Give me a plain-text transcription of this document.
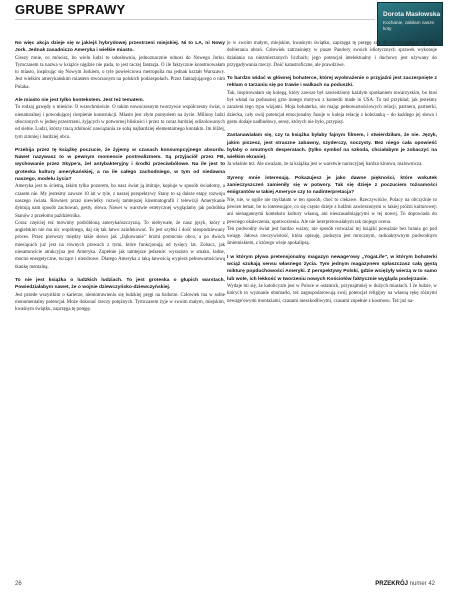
GRUBE SPRAWY	Dorota Masłowska
Kochanie, zabiłam nasze koty

No więc akcja dzieje się w jakiejś hybrydowej przestrzeni miejskiej. Ni to LA, ni Nowy Jork. Jednak zasadniczo Ameryka i wielkie miasto.

Cieszy mnie, co mówisz, bo wielu ludzi to udosłownia, jednoznacznie odnosi do Nowego Jorku. Tymczasem ta nazwa w książce nigdzie nie pada, to jest raczej fantazja. O ile faktycznie konstruowałam to miasto, inspirując się Nowym Jorkiem, o tyle powieściowa metropolia ma jednak kształt Warszawy. Jest wielkim amerykańskim miastem stworzonym na polskich podzespołach. Przez fantazjującego o nim Polaka.

Ale miasto nie jest tylko kontekstem. Jest też tematem.

To rodzaj gawędy o mieście. O wszechmieście. O takim nowoczesnym tworzywie współczesny świat, o nienaturalnej i powodującej cierpienie konstrukcji. Miasto jest złym pomysłem na życie. Miliony ludzi stłoczonych w jednej przestrzeni, żyjących w potwornej bliskości i przez to coraz bardziej odizolowanych od siebie. Ludzi, którzy tracą zdolność nawiązania ze sobą najbardziej elementarnego kontaktu. Im bliżej, tym zimniej i bardziej obco.

Przebija przez tę książkę poczucie, że żyjemy w czasach konsumpcyjnego absurdu. Nawet nazywasz to w pewnym momencie postrealizmem. Są przyjaciół przez FB, wychowanie przez Skype'a, żel antybakteryjny i środki przeciwbólowe. Na ile jest to groteska kultury amerykańskiej, a na ile całego zachodniego, w tym od niedawna naszego, modelu życia?

Ameryka jest tu ściemą, takim tylko pozorem, bo nasz świat ją imituje, kopiuje w sposób świadomy, a czasem nie. My jesteśmy zawsze 10 lat w tyle, z naszej perspektywy Stany to są dalsze etapy rozwoju naszego świata. Również przez niewielky rozwój tamtejszej kinematografii i telewizji Amerykanie dyktują nam sposób zachowań, gesty, słowa. Nawet w warstwie estetycznej wyglądamy jak podróbka Stanów z przełomu października.

Coraz częściej też mówimy podróbioną amerykańszczyzną. To niebywałe, że nasz język, który z angielskim nie ma nic wspólnego, daj się tak łatwo zainfekować. To jest szybki i dość nieopodziewany proces. Przez pierwszy między takie słowo jak „fajkowanie" brzmi pomocnie obco, a po dwóch miesiącach już jest na równych prawach z tymi, które funkcjonują od tysięcy lat. Zobacz, jak niesamowicie atrakcyjna jest Ameryka. Zupełnie jak tamtejsze jedzenie: wyrazisto w smaku, ładne, mocno energetyczne, tuczące i niezdrowe. Dlatego Ameryka z taką łatwością wypiera pełnowartościową tkankę mentalną.

To nie jest książka o ludzkich ludziach. To jest groteska o głupich warstach. Powiedziałabym nawet, że o wojnie dziewczyńsko-dziewczyńskiej.

Jest przede wszystkim o karierze, niemotrawieniu się ludzkiej pręgi na bzdurze. Człowiek ma w sobie monumentalny potencjał. Może dokonać rzeczy potężnych. Tymczasem żyje w swoim małym, miejskim, kwaśnym świątku, zaprzęga tę potęgę.

je w swoim małym, miejskim, kwaśnym świątku, zaprzęga tę potęgę siły do wyszczuplania ud albo dobierania ubrań. Człowiek zatrzaśnięty w pusze Pandory swoich idiotycznych sprawek wykonuje działania na niezmierzonych liczbach; jego potencjał intelektualny i duchowy jest używany do przygadywania rzeczy. Dość katastroficzne, ale prawdziwe.

To bardzo widać w głównej bohaterce, której wyobrażenie o przyjaźni jest zaczerpnięte z reklam o tarzaniu się po trawie i walkach na poduszki.

Tak, inspirowałam się kolegą, który zawsze był zawiedziony każdym spotkaniem towarzyskim, bo ktoś był wkład na podusznej grze innego motywu z komedii made in USA. To też przykład, jak jesteśmy zarażeni tego typu wizjami. Moja bohaterka, nie mając pełnowartościowych relacji, partnera, partnerki, dziecka, cały swój potencjał emocjonalny fasuje w kuleja relację z koleżanką – do każdego jej słowa i gestu dodaje nadbudowy, sensy, których nie było, przypisy.

Zastanawiałam się, czy ta książka byłaby fajnym filmem, i stwierdziłam, że nie. Język, jakim piszesz, jest straszne zabawny, szyderczy, soczysty. Bez niego cała opowieść byłaby o smutnych desperatach. (tylko symbol na szkoda, chciałabym je zobaczyć na wielkim ekranie).

Ja właśnie też. Ale uważam, że ta książka jest w warstwie narracyjnej bardzo kinowa, malownicza.

Syreny mnie interesują. Pokazujesz je jako dawne piękności, które wskutek zanieczyszczeń zamieniły się w potwory. Tak się dzieje z poczuciem tożsamości emigrantów w takiej Ameryce czy to nadinterpretacja?

Nie, nie, w ogóle nie myślałam w ten sposób, choć to ciekawe. Rzeczywiście, Polacy na obczyźnie to pewien temat, bo to interesujące, co się często dzieje z ludźmi zawieszonymi w takiej próżni kulturowej: ani nienagannymi kontekstu kultury własną, ani nieuzasadniającymi w tej nowej. To dopowiada do pewnego okaleczenia, upotworzenia. Ale nie interpretowałabym tak mojego ocenu.

Ten podwodny świat jest bardzo ważny, nie sposób rozważać tej książki poważnie bez brania go pod uwagę. Jałowa rzeczywistość, która opisuję, podszyta jest mrocznym, radioaktywnym podwodnym śmietniskiem, z którego wieje apokalipsą.

I w którym pływa pretensjonalny magazyn newage'owy „YogaLife", w którym bohaterki wciąż szukają sensu własnego życia. Tym jednym magazynem spłaszczasz całą gęstą mikturę popduchowości Ameryki. Z perspektywy Polski, gdzie wciężyły wierzą w to samo lub wole, ich lekkość w tworzeniu nowych Kościołów faktycznie wygląda podejrzanie.

Wydaje mi się, że katolicyzm jest w Polsce w ostatnich, przynajmniej w dużych miastach. I że ludzie, w których to wyznanie obumarło, też zagospodarowują swój potencjał religijny na własną rękę różnymi newage'owymi montażami, czasami nieszkodliwymi, czasami zupełnie z kosmosu. Też już na-

26	PRZEKRÓJ numer 42
